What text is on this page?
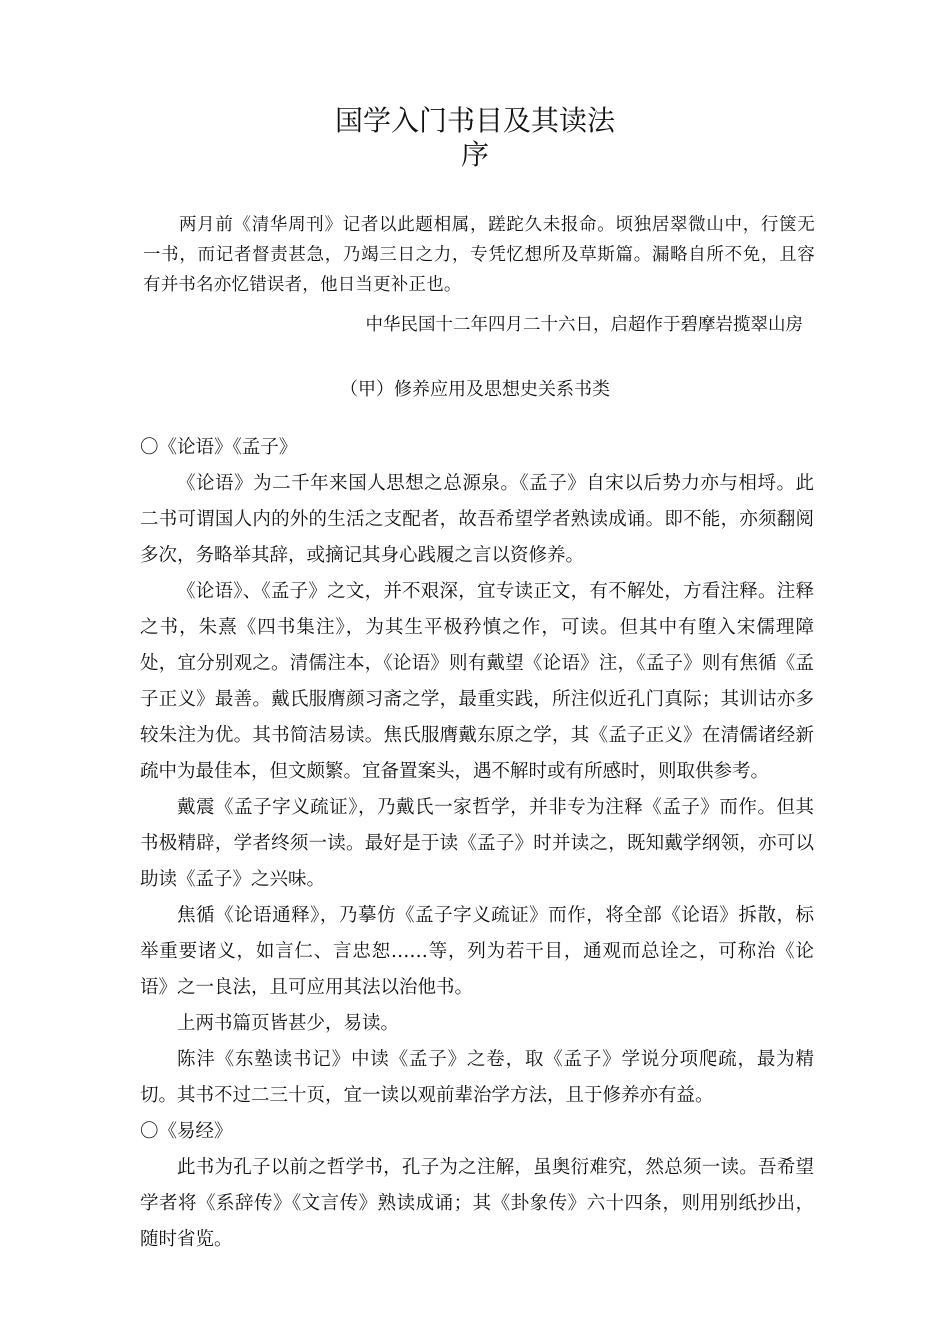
国学入门书目及其读法
序

两月前《清华周刊》记者以此题相属，蹉跎久未报命。顷独居翠微山中，行箧无一书，而记者督责甚急，乃竭三日之力，专凭忆想所及草斯篇。漏略自所不免，且容有并书名亦忆错误者，他日当更补正也。

中华民国十二年四月二十六日，启超作于碧摩岩揽翠山房

（甲）修养应用及思想史关系书类

〇《论语》《孟子》

《论语》为二千年来国人思想之总源泉。《孟子》自宋以后势力亦与相埒。此二书可谓国人内的外的生活之支配者，故吾希望学者熟读成诵。即不能，亦须翻阅多次，务略举其辞，或摘记其身心践履之言以资修养。

《论语》、《孟子》之文，并不艰深，宜专读正文，有不解处，方看注释。注释之书，朱熹《四书集注》，为其生平极矜慎之作，可读。但其中有堕入宋儒理障处，宜分别观之。清儒注本，《论语》则有戴望《论语》注，《孟子》则有焦循《孟子正义》最善。戴氏服膺颜习斋之学，最重实践，所注似近孔门真际；其训诂亦多较朱注为优。其书简洁易读。焦氏服膺戴东原之学，其《孟子正义》在清儒诸经新疏中为最佳本，但文颇繁。宜备置案头，遇不解时或有所感时，则取供参考。

戴震《孟子字义疏证》，乃戴氏一家哲学，并非专为注释《孟子》而作。但其书极精辟，学者终须一读。最好是于读《孟子》时并读之，既知戴学纲领，亦可以助读《孟子》之兴味。

焦循《论语通释》，乃摹仿《孟子字义疏证》而作，将全部《论语》拆散，标举重要诸义，如言仁、言忠恕……等，列为若干目，通观而总诠之，可称治《论语》之一良法，且可应用其法以治他书。

上两书篇页皆甚少，易读。

陈沣《东塾读书记》中读《孟子》之卷，取《孟子》学说分项爬疏，最为精切。其书不过二三十页，宜一读以观前辈治学方法，且于修养亦有益。

〇《易经》

此书为孔子以前之哲学书，孔子为之注解，虽奥衍难究，然总须一读。吾希望学者将《系辞传》《文言传》熟读成诵；其《卦象传》六十四条，则用别纸抄出，随时省览。
